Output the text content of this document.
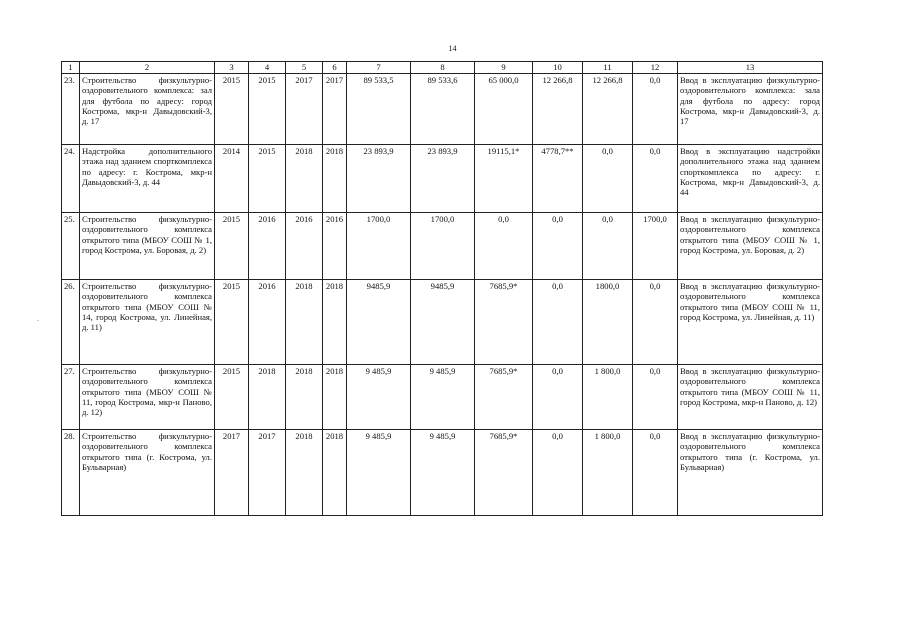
14
-
1	2	3	4	5	6	7	8	9	10	11	12	13
23.	Строительство физкультурно-оздоровительного комплекса: зал для футбола по адресу: город Кострома, мкр-н Давыдовский-3, д. 17	2015	2015	2017	2017	89 533,5	89 533,6	65 000,0	12 266,8	12 266,8	0,0	Ввод в эксплуатацию физкультурно-оздоровительного комплекса: зала для футбола по адресу: город Кострома, мкр-н Давыдовский-3, д. 17
24.	Надстройка дополнительного этажа над зданием спорткомплекса по адресу: г. Кострома, мкр-н Давыдовский-3, д. 44	2014	2015	2018	2018	23 893,9	23 893,9	19115,1*	4778,7**	0,0	0,0	Ввод в эксплуатацию надстройки дополнительного этажа над зданием спорткомплекса по адресу: г. Кострома, мкр-н Давыдовский-3, д. 44
25.	Строительство физкультурно-оздоровительного комплекса открытого типа (МБОУ СОШ № 1, город Кострома, ул. Боровая, д. 2)	2015	2016	2016	2016	1700,0	1700,0	0,0	0,0	0,0	1700,0	Ввод в эксплуатацию физкультурно-оздоровительного комплекса открытого типа (МБОУ СОШ № 1, город Кострома, ул. Боровая, д. 2)
26.	Строительство физкультурно-оздоровительного комплекса открытого типа (МБОУ СОШ № 14, город Кострома, ул. Линейная, д. 11)	2015	2016	2018	2018	9485,9	9485,9	7685,9*	0,0	1800,0	0,0	Ввод в эксплуатацию физкультурно-оздоровительного комплекса открытого типа (МБОУ СОШ № 11, город Кострома, ул. Линейная, д. 11)
27.	Строительство физкультурно-оздоровительного комплекса открытого типа (МБОУ СОШ № 11, город Кострома, мкр-н Паново, д. 12)	2015	2018	2018	2018	9 485,9	9 485,9	7685,9*	0,0	1 800,0	0,0	Ввод в эксплуатацию физкультурно-оздоровительного комплекса открытого типа (МБОУ СОШ № 11, город Кострома, мкр-н Паново, д. 12)
28.	Строительство физкультурно-оздоровительного комплекса открытого типа (г. Кострома, ул. Бульварная)	2017	2017	2018	2018	9 485,9	9 485,9	7685,9*	0,0	1 800,0	0,0	Ввод в эксплуатацию физкультурно-оздоровительного комплекса открытого типа (г. Кострома, ул. Бульварная)
